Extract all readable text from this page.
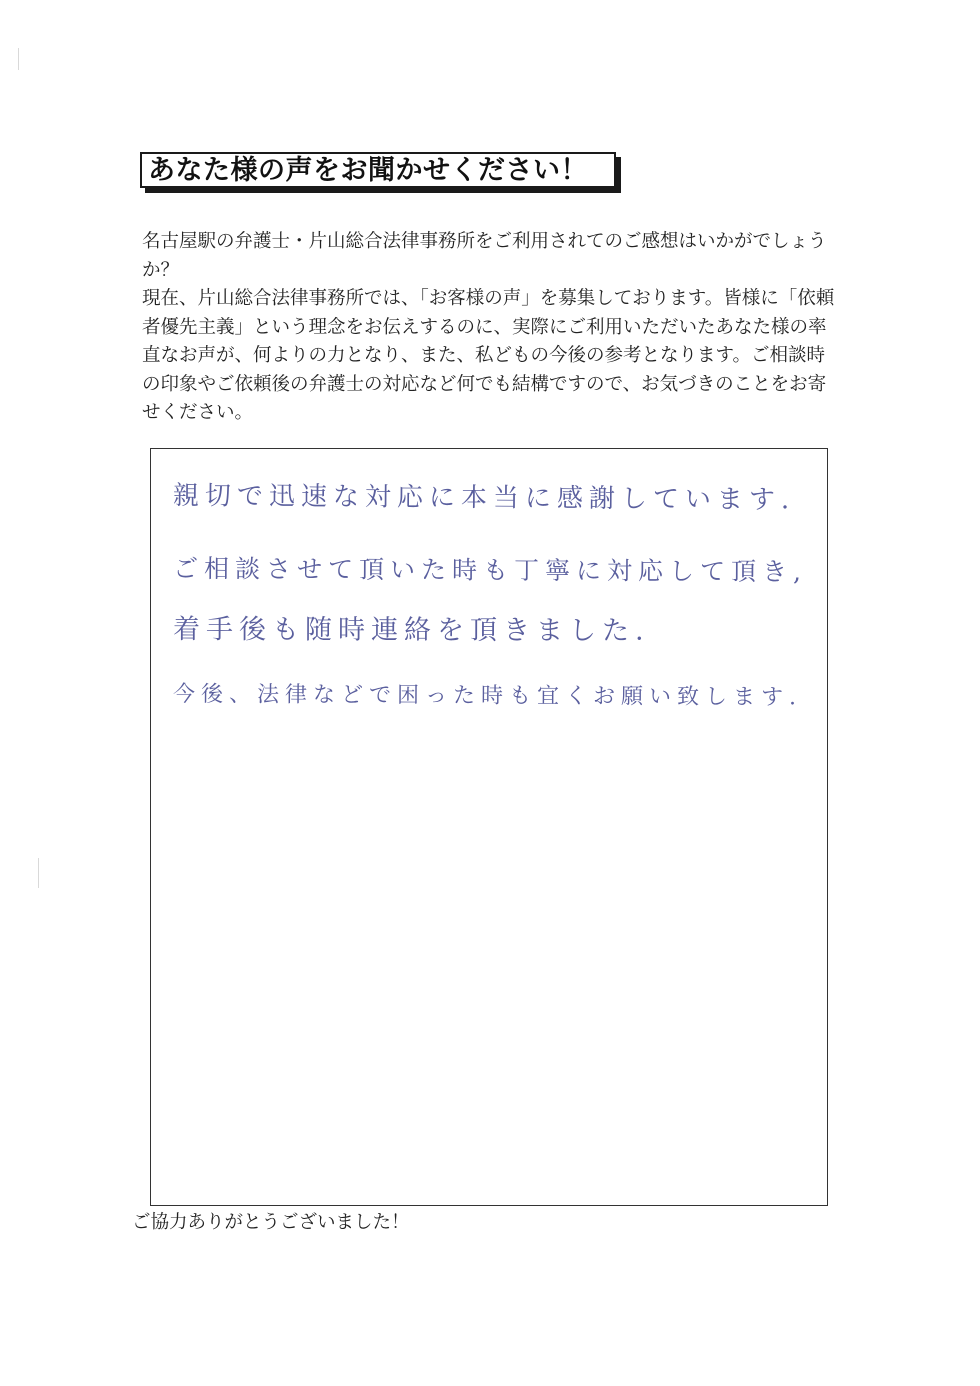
あなた様の声をお聞かせください！

名古屋駅の弁護士・片山総合法律事務所をご利用されてのご感想はいかがでしょうか？

現在、片山総合法律事務所では、「お客様の声」を募集しております。皆様に「依頼者優先主義」という理念をお伝えするのに、実際にご利用いただいたあなた様の率直なお声が、何よりの力となり、また、私どもの今後の参考となります。ご相談時の印象やご依頼後の弁護士の対応など何でも結構ですので、お気づきのことをお寄せください。

親切で迅速な対応に本当に感謝しています.
ご相談させて頂いた時も丁寧に対応して頂き,
着手後も随時連絡を頂きました.
今後、法律などで困った時も宜くお願い致します.
ご協力ありがとうございました！
